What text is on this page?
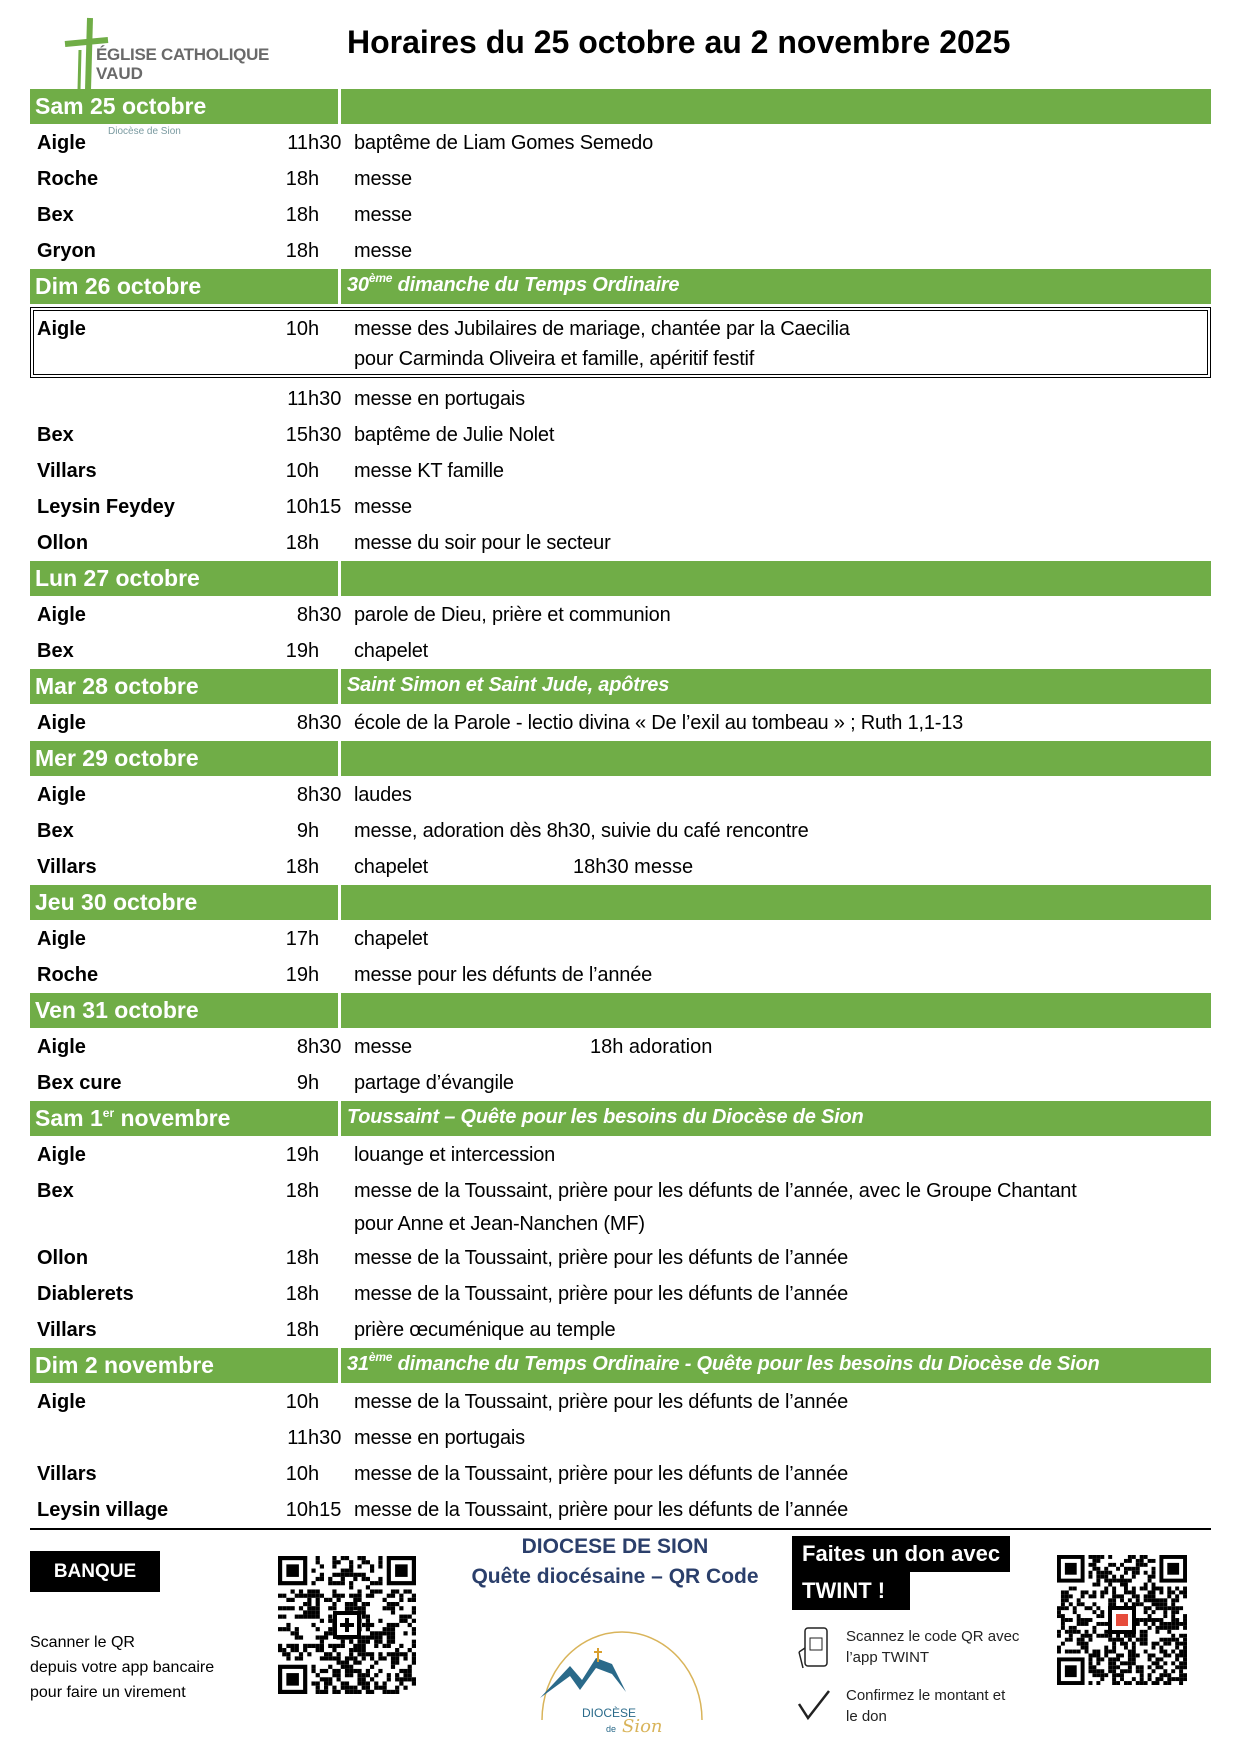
ÉGLISE CATHOLIQUE
VAUD
Diocèse de Sion
Horaires du 25 octobre au 2 novembre 2025
Sam 25 octobre
Aigle	11 h30 baptême de Liam Gomes Semedo
Roche	18 h	messe
Bex	18 h	messe
Gryon	18 h	messe
Dim 26 octobre	30ème dimanche du Temps Ordinaire
Aigle	10 h	messe des Jubilaires de mariage, chantée par la Caecilia
pour Carminda Oliveira et famille, apéritif festif
11 h30 messe en portugais
Bex	15 h30 baptême de Julie Nolet
Villars	10 h	messe KT famille
Leysin Feydey	10 h15 messe
Ollon	18 h	messe du soir pour le secteur
Lun 27 octobre
Aigle	8 h30 parole de Dieu, prière et communion
Bex	19 h	chapelet
Mar 28 octobre	Saint Simon et Saint Jude, apôtres
Aigle	8 h30 école de la Parole - lectio divina « De l’exil au tombeau » ; Ruth 1,1-13
Mer 29 octobre
Aigle	8 h30 laudes
Bex	9 h	messe, adoration dès 8h30, suivie du café rencontre
Villars	18 h	chapelet	18h30 messe
Jeu 30 octobre
Aigle	17 h	chapelet
Roche	19 h	messe pour les défunts de l’année
Ven 31 octobre
Aigle	8 h30 messe	18h adoration
Bex cure	9 h	partage d’évangile
Sam 1er novembre	Toussaint – Quête pour les besoins du Diocèse de Sion
Aigle	19 h	louange et intercession
Bex	18 h	messe de la Toussaint, prière pour les défunts de l’année, avec le Groupe Chantant
pour Anne et Jean-Nanchen (MF)
Ollon	18 h	messe de la Toussaint, prière pour les défunts de l’année
Diablerets	18 h	messe de la Toussaint, prière pour les défunts de l’année
Villars	18 h	prière œcuménique au temple
Dim 2 novembre	31ème dimanche du Temps Ordinaire - Quête pour les besoins du Diocèse de Sion
Aigle	10 h	messe de la Toussaint, prière pour les défunts de l’année
11 h30 messe en portugais
Villars	10 h	messe de la Toussaint, prière pour les défunts de l’année
Leysin village	10 h15 messe de la Toussaint, prière pour les défunts de l’année
BANQUE
Scanner le QR
depuis votre app bancaire
pour faire un virement
DIOCESE DE SION
Quête diocésaine – QR Code
DIOCÈSE
de Sion
Faites un don avec
TWINT !
Scannez le code QR avec
l’app TWINT
Confirmez le montant et
le don
